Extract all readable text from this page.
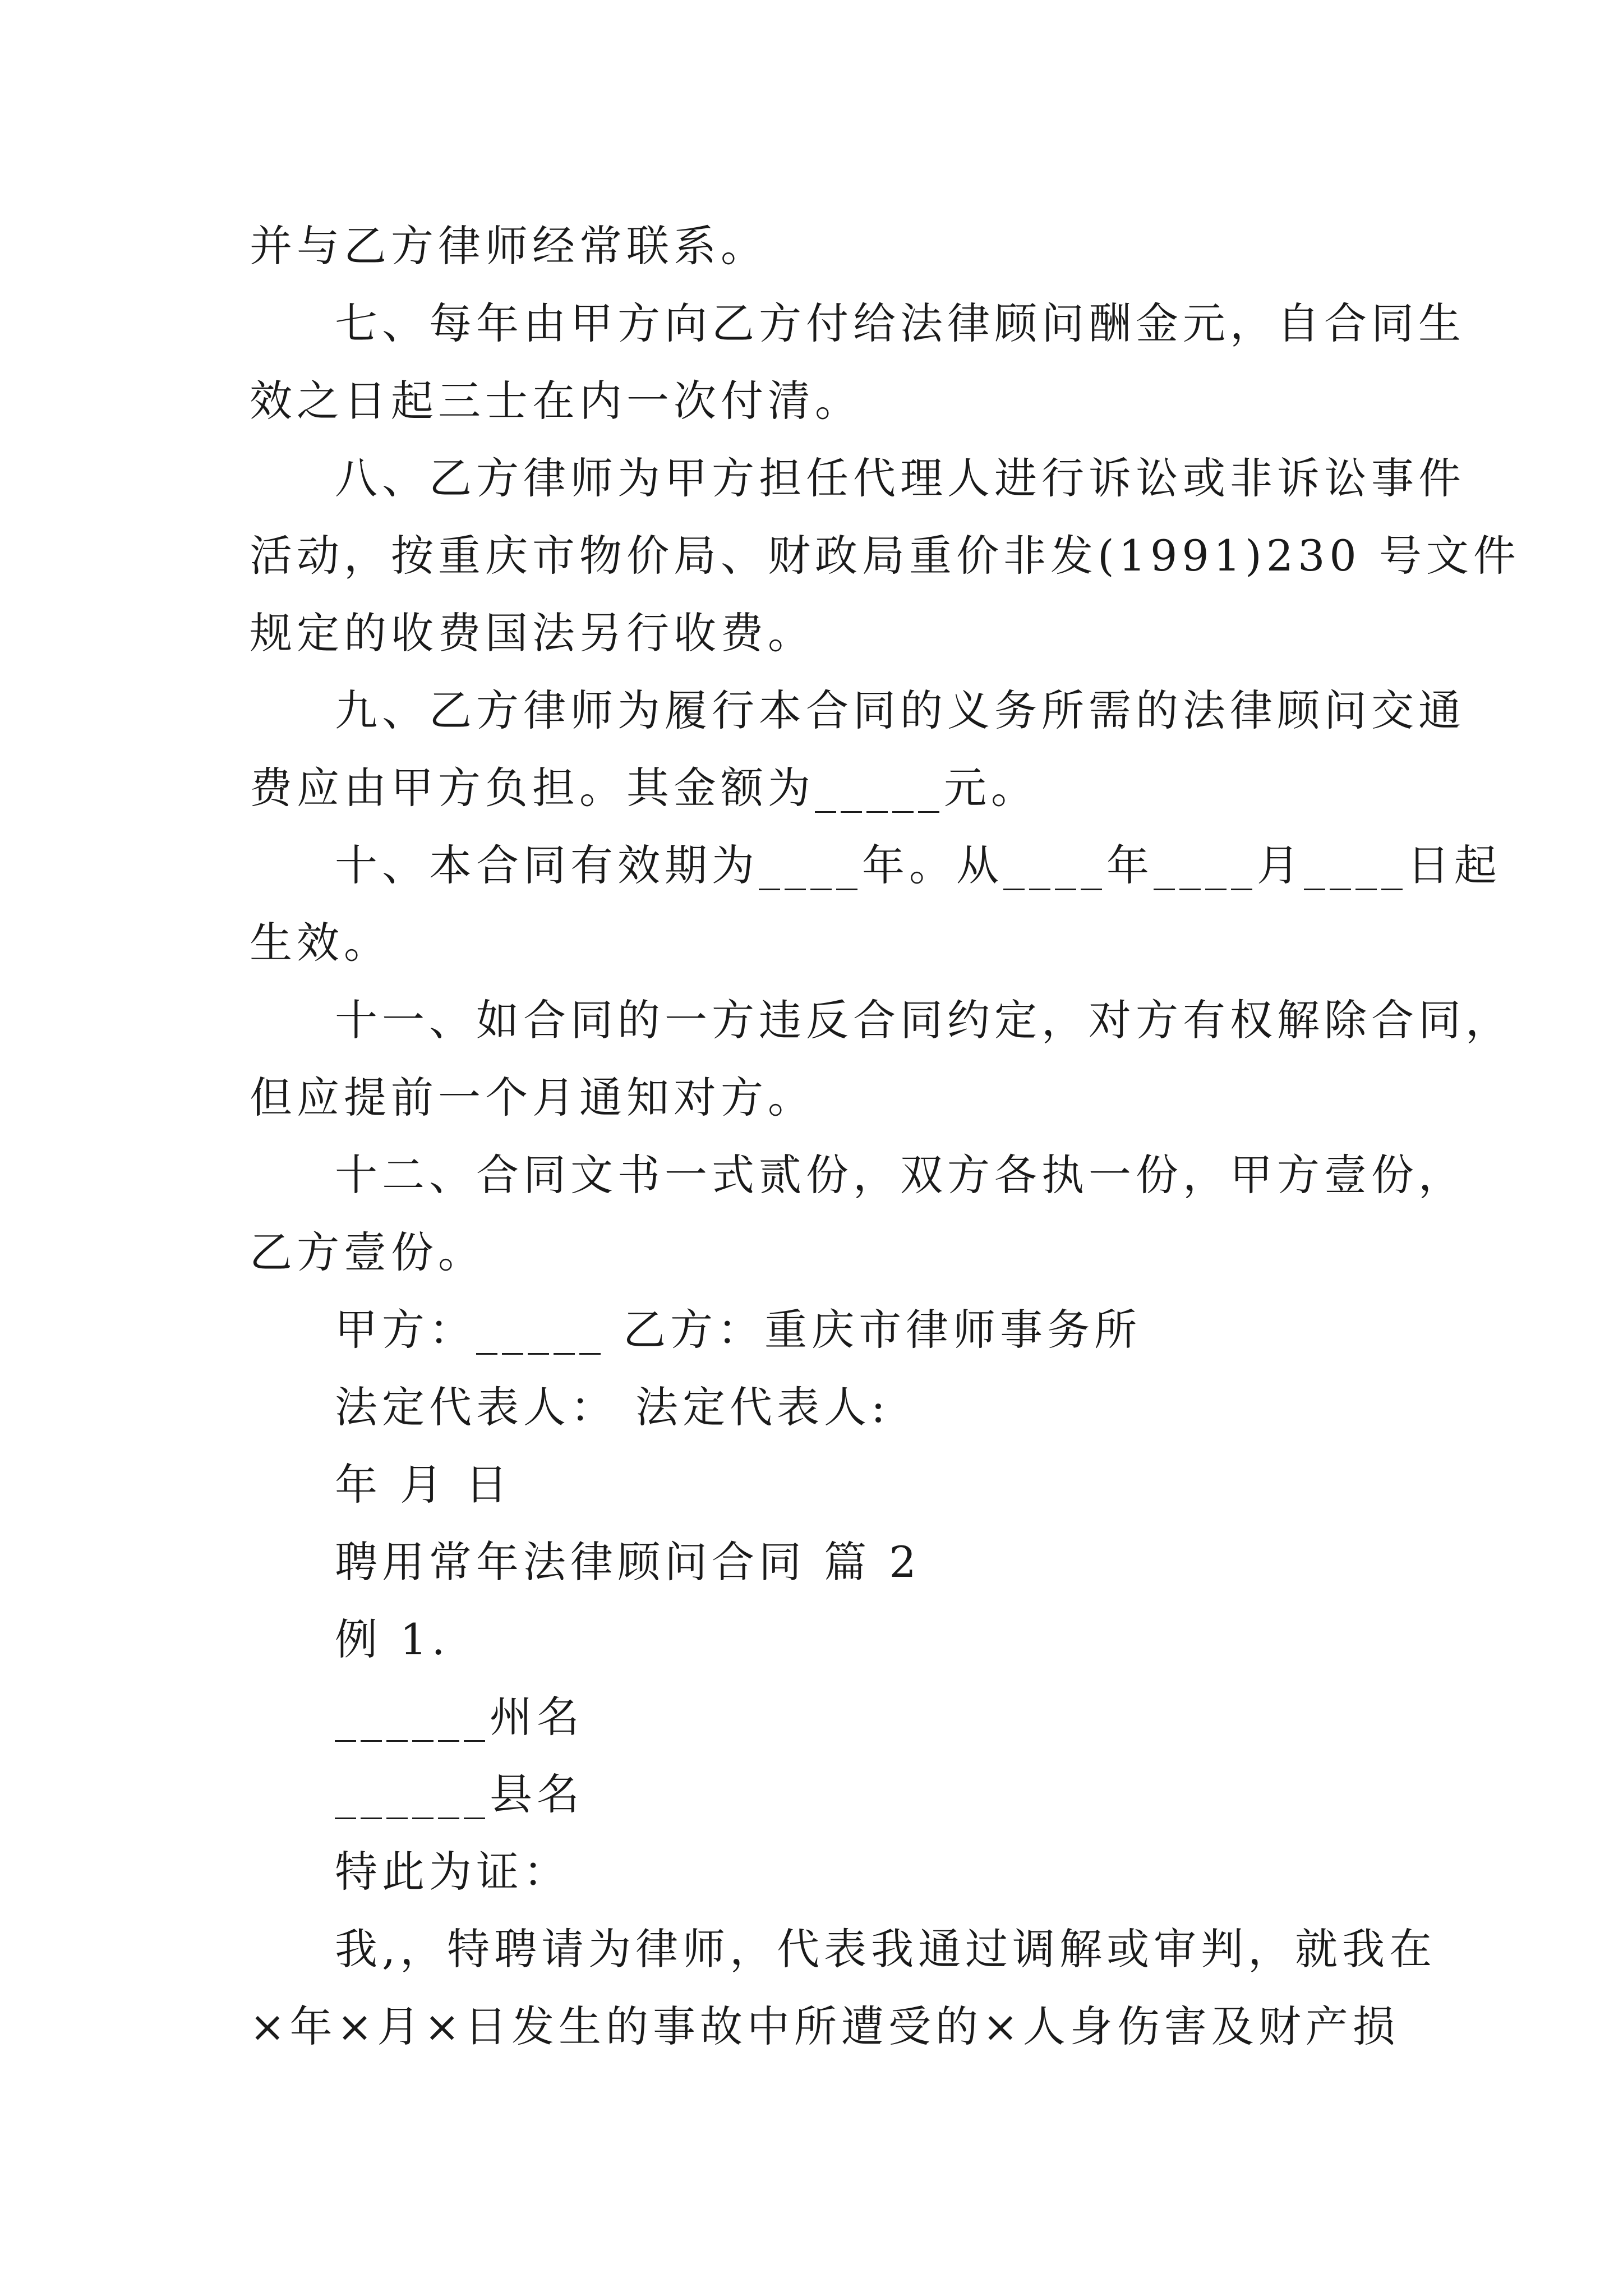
并与乙方律师经常联系。
七、每年由甲方向乙方付给法律顾问酬金元，自合同生
效之日起三士在内一次付清。
八、乙方律师为甲方担任代理人进行诉讼或非诉讼事件
活动，按重庆市物价局、财政局重价非发(1991)230 号文件
规定的收费国法另行收费。
九、乙方律师为履行本合同的义务所需的法律顾问交通
费应由甲方负担。其金额为_____元。
十、本合同有效期为____年。从____年____月____日起
生效。
十一、如合同的一方违反合同约定，对方有权解除合同，
但应提前一个月通知对方。
十二、合同文书一式贰份，双方各执一份，甲方壹份，
乙方壹份。
甲方：_____ 乙方：重庆市律师事务所
法定代表人： 法定代表人:
年 月 日
聘用常年法律顾问合同 篇 2
例 1.
______州名
______县名
特此为证：
我,，特聘请为律师，代表我通过调解或审判，就我在
×年×月×日发生的事故中所遭受的×人身伤害及财产损
